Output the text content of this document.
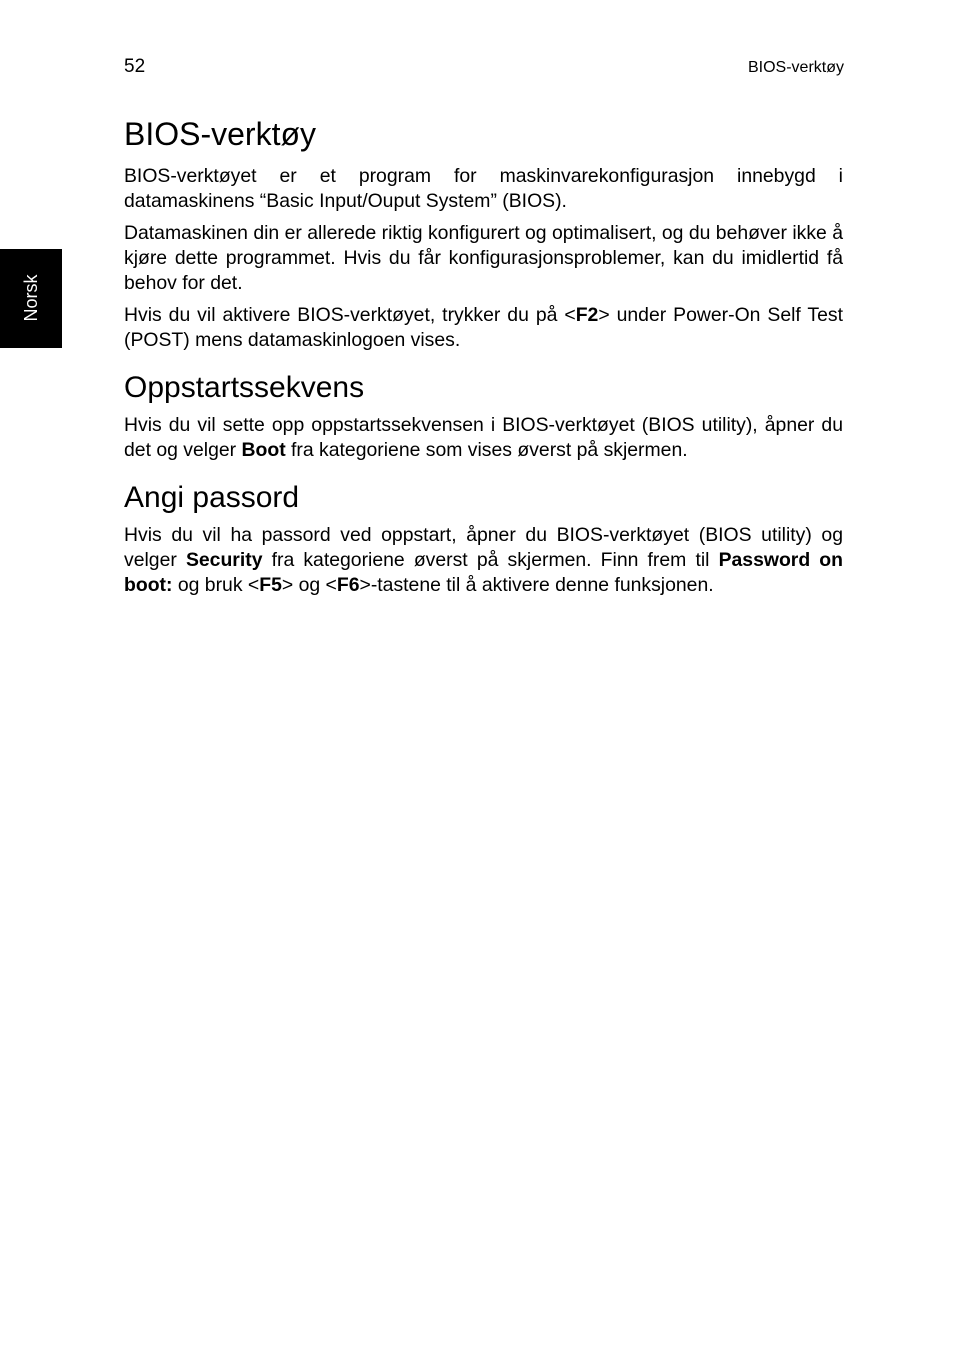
52	BIOS-verktøy
Norsk
BIOS-verktøy

BIOS-verktøyet er et program for maskinvarekonfigurasjon innebygd i datamaskinens “Basic Input/Ouput System” (BIOS).

Datamaskinen din er allerede riktig konfigurert og optimalisert, og du behøver ikke å kjøre dette programmet. Hvis du får konfigurasjonsproblemer, kan du imidlertid få behov for det.

Hvis du vil aktivere BIOS-verktøyet, trykker du på <F2> under Power-On Self Test (POST) mens datamaskinlogoen vises.

Oppstartssekvens

Hvis du vil sette opp oppstartssekvensen i BIOS-verktøyet (BIOS utility), åpner du det og velger Boot fra kategoriene som vises øverst på skjermen.

Angi passord

Hvis du vil ha passord ved oppstart, åpner du BIOS-verktøyet (BIOS utility) og velger Security fra kategoriene øverst på skjermen. Finn frem til Password on boot: og bruk <F5> og <F6>-tastene til å aktivere denne funksjonen.
